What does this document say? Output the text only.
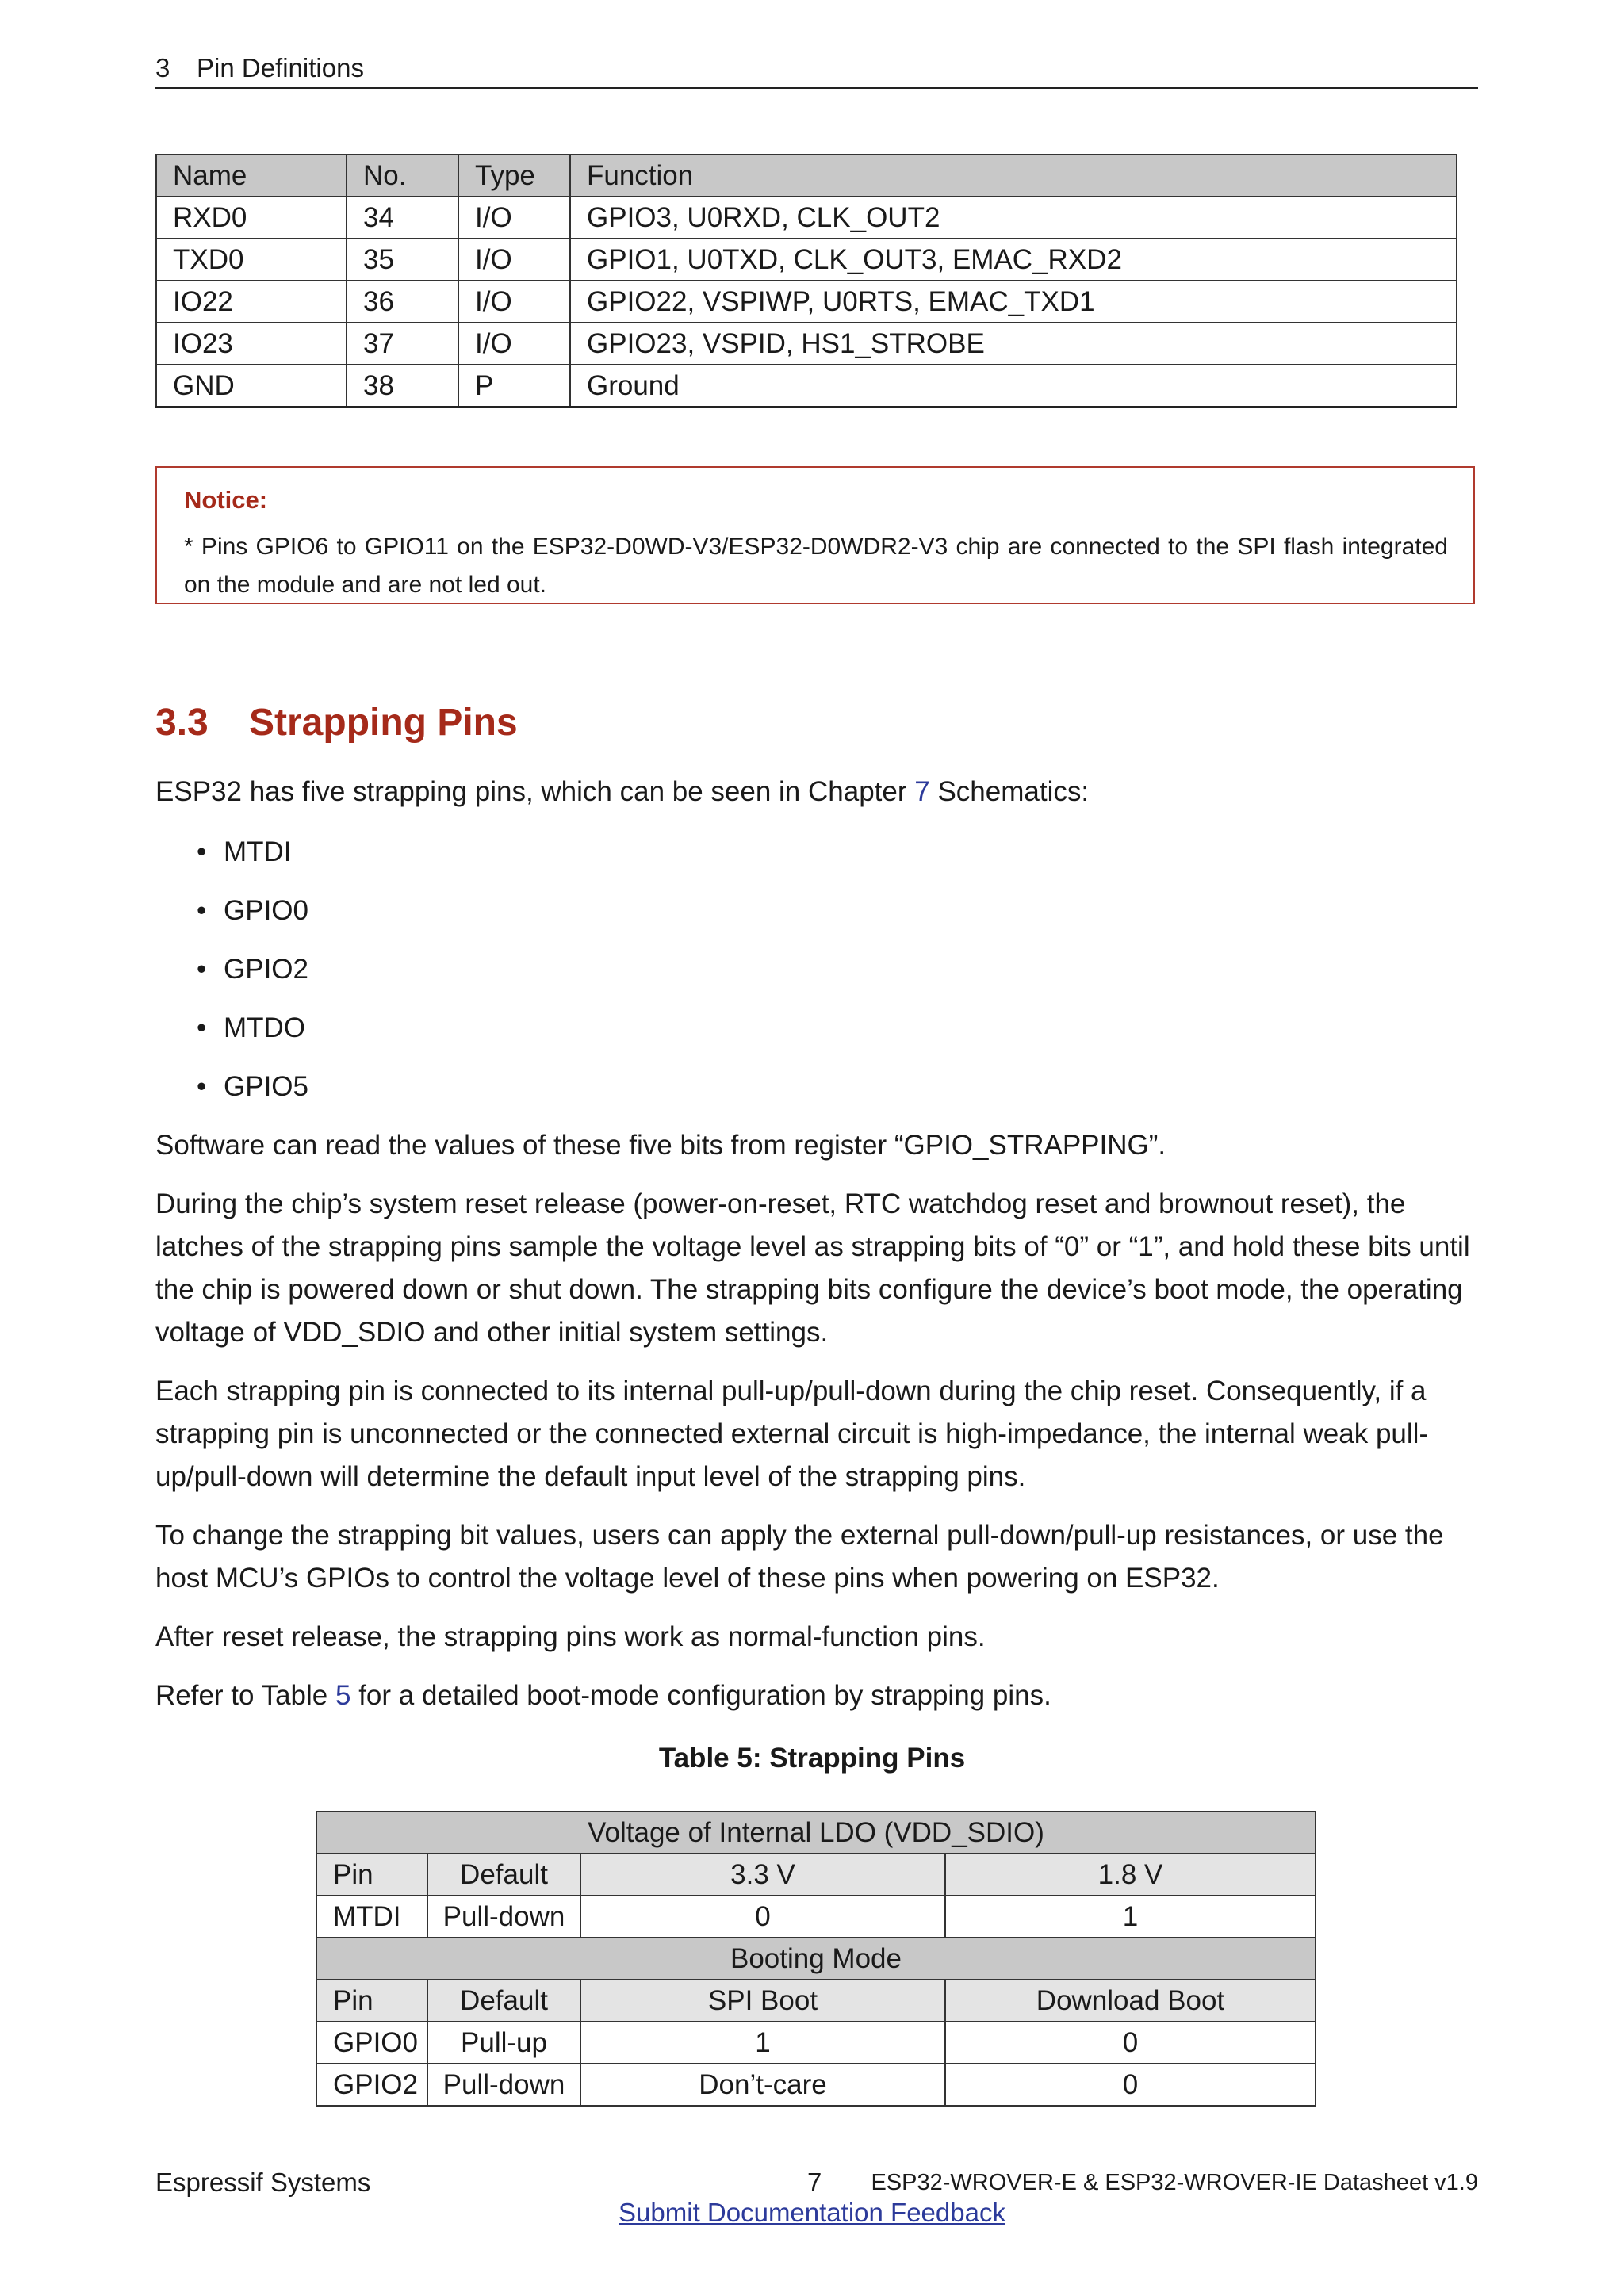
3 Pin Definitions
Name	No.	Type	Function
RXD0	34	I/O	GPIO3, U0RXD, CLK_OUT2
TXD0	35	I/O	GPIO1, U0TXD, CLK_OUT3, EMAC_RXD2
IO22	36	I/O	GPIO22, VSPIWP, U0RTS, EMAC_TXD1
IO23	37	I/O	GPIO23, VSPID, HS1_STROBE
GND	38	P	Ground
Notice:
* Pins GPIO6 to GPIO11 on the ESP32-D0WD-V3/ESP32-D0WDR2-V3 chip are connected to the SPI flash integrated on the module and are not led out.
3.3 Strapping Pins

ESP32 has five strapping pins, which can be seen in Chapter 7 Schematics:

• MTDI
• GPIO0
• GPIO2
• MTDO
• GPIO5

Software can read the values of these five bits from register “GPIO_STRAPPING”.

During the chip’s system reset release (power-on-reset, RTC watchdog reset and brownout reset), the latches of the strapping pins sample the voltage level as strapping bits of “0” or “1”, and hold these bits until the chip is powered down or shut down. The strapping bits configure the device’s boot mode, the operating voltage of VDD_SDIO and other initial system settings.

Each strapping pin is connected to its internal pull-up/pull-down during the chip reset. Consequently, if a strapping pin is unconnected or the connected external circuit is high-impedance, the internal weak pull-up/pull-down will determine the default input level of the strapping pins.

To change the strapping bit values, users can apply the external pull-down/pull-up resistances, or use the host MCU’s GPIOs to control the voltage level of these pins when powering on ESP32.

After reset release, the strapping pins work as normal-function pins.

Refer to Table 5 for a detailed boot-mode configuration by strapping pins.

Table 5: Strapping Pins

Voltage of Internal LDO (VDD_SDIO)			
Pin	Default	3.3 V	1.8 V
MTDI	Pull-down	0	1
Booting Mode			
Pin	Default	SPI Boot	Download Boot
GPIO0	Pull-up	1	0
GPIO2	Pull-down	Don’t-care	0
Espressif Systems	7 ESP32-WROVER-E & ESP32-WROVER-IE Datasheet v1.9
Submit Documentation Feedback
